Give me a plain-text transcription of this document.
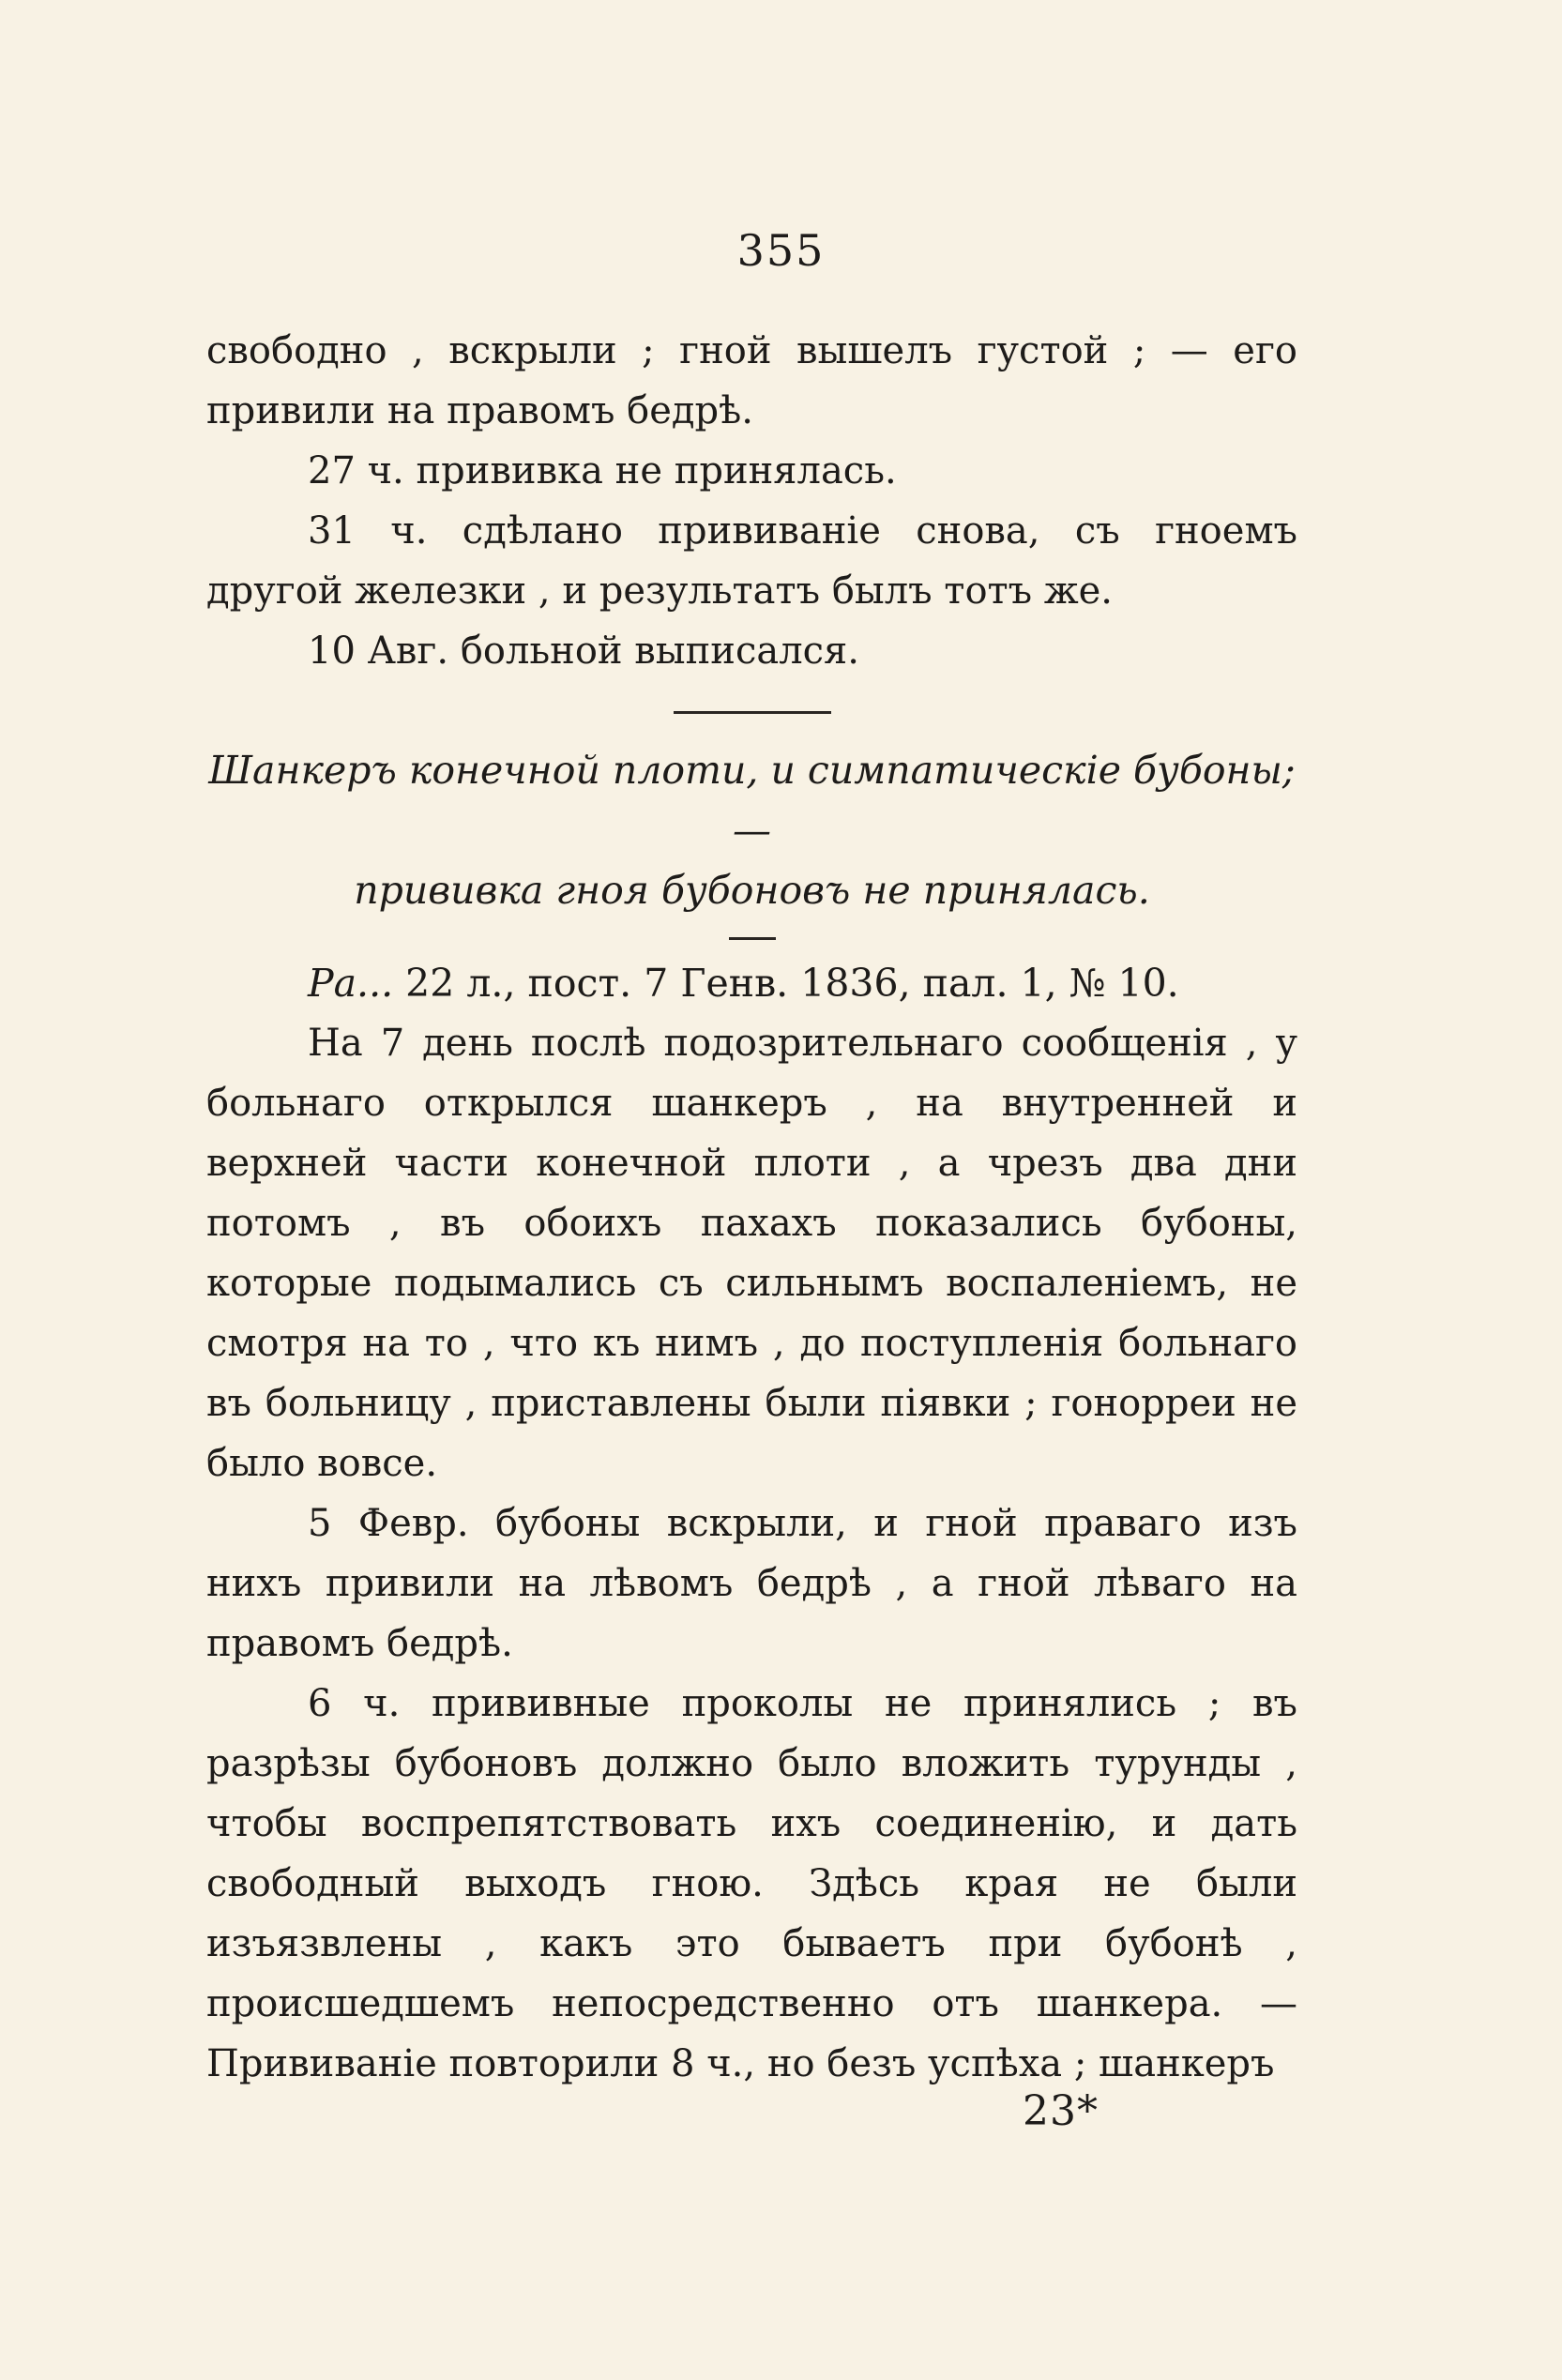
355

свободно , вскрыли ; гной вышелъ густой ; — его привили на правомъ бедрѣ.

27 ч. прививка не принялась.

31 ч. сдѣлано прививаніе снова, съ гноемъ другой железки , и результатъ былъ тотъ же.

10 Авг. больной выписался.

Шанкеръ конечной плоти, и симпатическіе бубоны; —

прививка гноя бубоновъ не принялась.

Ра... 22 л., пост. 7 Генв. 1836, пал. 1, № 10.

На 7 день послѣ подозрительнаго сообщенія , у больнаго открылся шанкеръ , на внутренней и верхней части конечной плоти , а чрезъ два дни потомъ , въ обоихъ пахахъ показались бубоны, которые подымались съ сильнымъ воспаленіемъ, не смотря на то , что къ нимъ , до поступленія больнаго въ больницу , приставлены были піявки ; гонорреи не было вовсе.

5 Февр. бубоны вскрыли, и гной праваго изъ нихъ привили на лѣвомъ бедрѣ , а гной лѣваго на правомъ бедрѣ.

6 ч. прививные проколы не принялись ; въ разрѣзы бубоновъ должно было вложить турунды , чтобы воспрепятствовать ихъ соединенію, и дать свободный выходъ гною. Здѣсь края не были изъязвлены , какъ это бываетъ при бубонѣ , происшедшемъ непосредственно отъ шанкера. — Прививаніе повторили 8 ч., но безъ успѣха ; шанкеръ

23*
